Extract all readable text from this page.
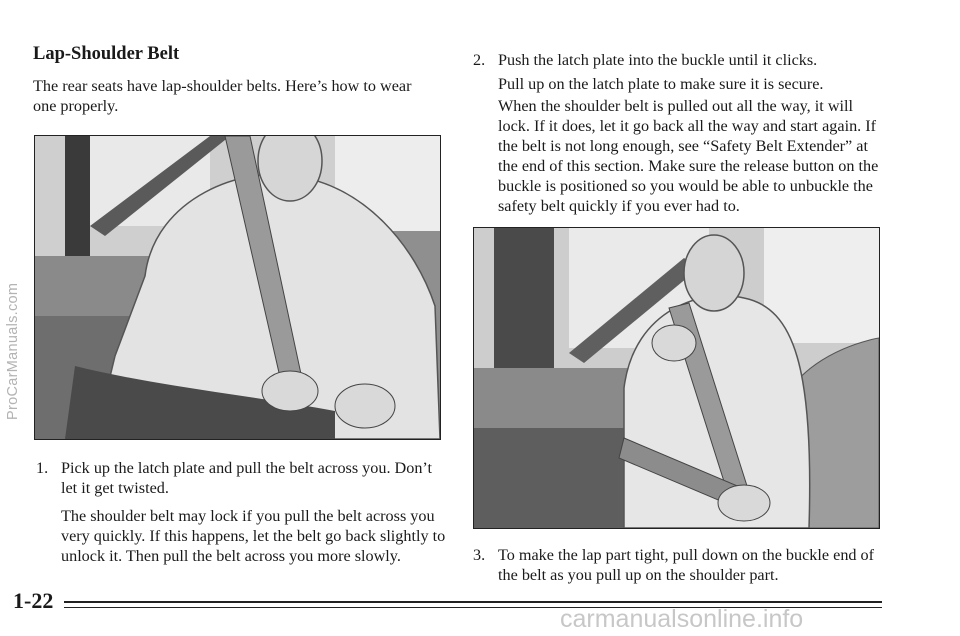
Lap-Shoulder Belt

The rear seats have lap-shoulder belts. Here’s how to wear one properly.

1. Pick up the latch plate and pull the belt across you. Don’t let it get twisted.

The shoulder belt may lock if you pull the belt across you very quickly. If this happens, let the belt go back slightly to unlock it. Then pull the belt across you more slowly.

2. Push the latch plate into the buckle until it clicks.

Pull up on the latch plate to make sure it is secure.

When the shoulder belt is pulled out all the way, it will lock. If it does, let it go back all the way and start again. If the belt is not long enough, see “Safety Belt Extender” at the end of this section. Make sure the release button on the buckle is positioned so you would be able to unbuckle the safety belt quickly if you ever had to.

3. To make the lap part tight, pull down on the buckle end of the belt as you pull up on the shoulder part.

ProCarManuals.com
1-22
carmanualsonline.info
